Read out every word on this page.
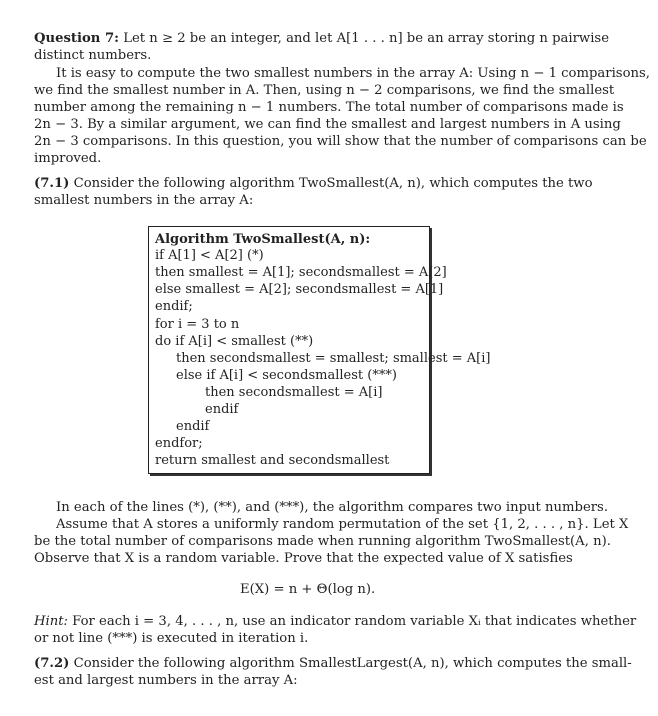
Question 7: Let n ≥ 2 be an integer, and let A[1 . . . n] be an array storing n pairwise
distinct numbers.
It is easy to compute the two smallest numbers in the array A: Using n − 1 comparisons,
we find the smallest number in A. Then, using n − 2 comparisons, we find the smallest
number among the remaining n − 1 numbers. The total number of comparisons made is
2n − 3. By a similar argument, we can find the smallest and largest numbers in A using
2n − 3 comparisons. In this question, you will show that the number of comparisons can be
improved.
(7.1) Consider the following algorithm TwoSmallest(A, n), which computes the two
smallest numbers in the array A:
Algorithm TwoSmallest(A, n):
if A[1] < A[2] (*)
then smallest = A[1]; secondsmallest = A[2]
else smallest = A[2]; secondsmallest = A[1]
endif;
for i = 3 to n
do if A[i] < smallest (**)
then secondsmallest = smallest; smallest = A[i]
else if A[i] < secondsmallest (***)
then secondsmallest = A[i]
endif
endif
endfor;
return smallest and secondsmallest
In each of the lines (*), (**), and (***), the algorithm compares two input numbers.
Assume that A stores a uniformly random permutation of the set {1, 2, . . . , n}. Let X
be the total number of comparisons made when running algorithm TwoSmallest(A, n).
Observe that X is a random variable. Prove that the expected value of X satisfies
E(X) = n + Θ(log n).
Hint: For each i = 3, 4, . . . , n, use an indicator random variable Xᵢ that indicates whether
or not line (***) is executed in iteration i.
(7.2) Consider the following algorithm SmallestLargest(A, n), which computes the small-
est and largest numbers in the array A:
